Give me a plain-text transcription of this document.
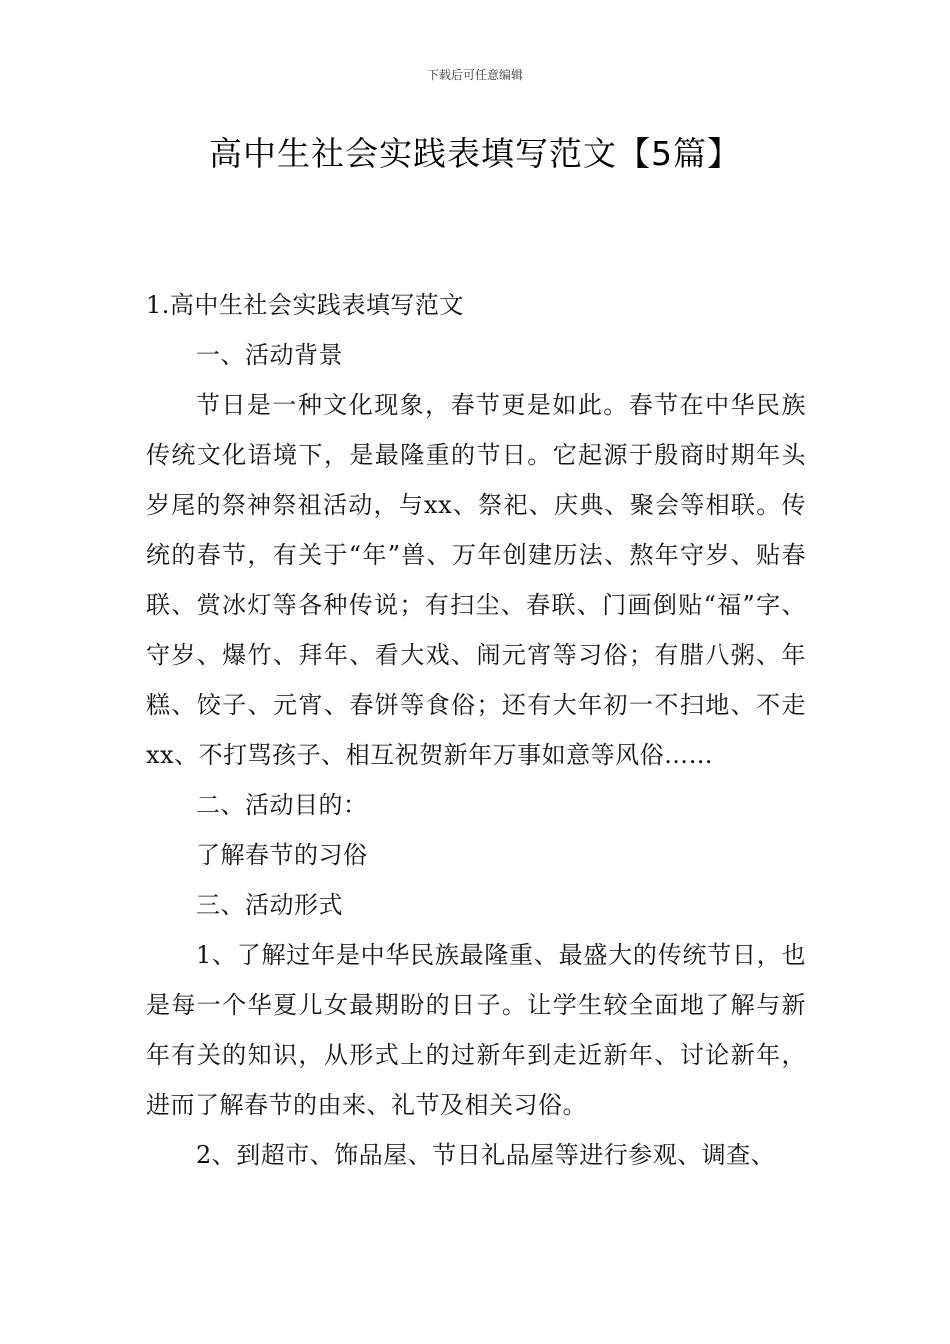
下载后可任意编辑
高中生社会实践表填写范文【5篇】

1.高中生社会实践表填写范文

一、活动背景

节日是一种文化现象，春节更是如此。春节在中华民族传统文化语境下，是最隆重的节日。它起源于殷商时期年头岁尾的祭神祭祖活动，与xx、祭祀、庆典、聚会等相联。传统的春节，有关于“年”兽、万年创建历法、熬年守岁、贴春联、赏冰灯等各种传说；有扫尘、春联、门画倒贴“福”字、守岁、爆竹、拜年、看大戏、闹元宵等习俗；有腊八粥、年糕、饺子、元宵、春饼等食俗；还有大年初一不扫地、不走xx、不打骂孩子、相互祝贺新年万事如意等风俗……

二、活动目的：

了解春节的习俗

三、活动形式

1、了解过年是中华民族最隆重、最盛大的传统节日，也是每一个华夏儿女最期盼的日子。让学生较全面地了解与新年有关的知识，从形式上的过新年到走近新年、讨论新年，进而了解春节的由来、礼节及相关习俗。

2、到超市、饰品屋、节日礼品屋等进行参观、调查、
